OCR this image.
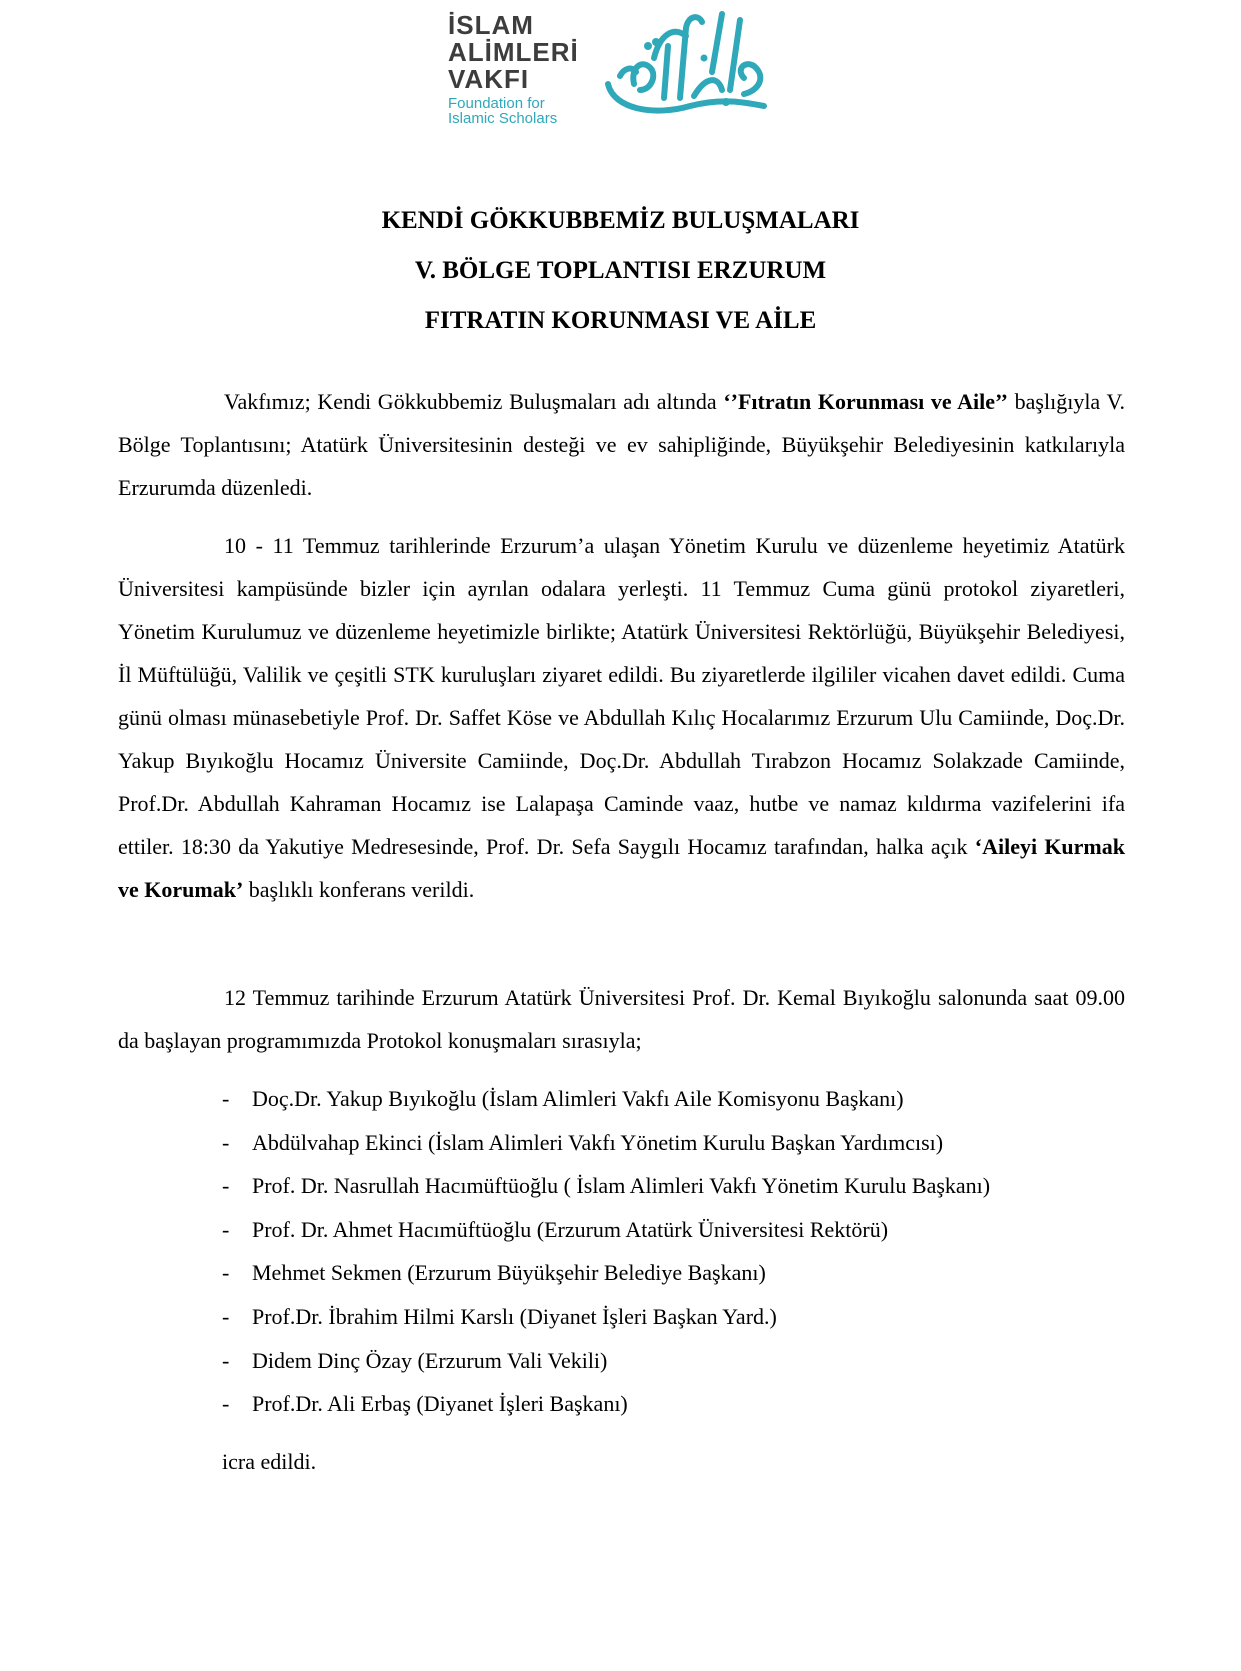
İSLAM
ALİMLERİ
VAKFI
Foundation for
Islamic Scholars
KENDİ GÖKKUBBEMİZ BULUŞMALARI
V. BÖLGE TOPLANTISI ERZURUM
FITRATIN KORUNMASI VE AİLE

Vakfımız; Kendi Gökkubbemiz Buluşmaları adı altında ‘’Fıtratın Korunması ve Aile’’ başlığıyla V. Bölge Toplantısını; Atatürk Üniversitesinin desteği ve ev sahipliğinde, Büyükşehir Belediyesinin katkılarıyla Erzurumda düzenledi.

10 - 11 Temmuz tarihlerinde Erzurum’a ulaşan Yönetim Kurulu ve düzenleme heyetimiz Atatürk Üniversitesi kampüsünde bizler için ayrılan odalara yerleşti. 11 Temmuz Cuma günü protokol ziyaretleri, Yönetim Kurulumuz ve düzenleme heyetimizle birlikte; Atatürk Üniversitesi Rektörlüğü, Büyükşehir Belediyesi, İl Müftülüğü, Valilik ve çeşitli STK kuruluşları ziyaret edildi. Bu ziyaretlerde ilgililer vicahen davet edildi. Cuma günü olması münasebetiyle Prof. Dr. Saffet Köse ve Abdullah Kılıç Hocalarımız Erzurum Ulu Camiinde, Doç.Dr. Yakup Bıyıkoğlu Hocamız Üniversite Camiinde, Doç.Dr. Abdullah Tırabzon Hocamız Solakzade Camiinde, Prof.Dr. Abdullah Kahraman Hocamız ise Lalapaşa Caminde vaaz, hutbe ve namaz kıldırma vazifelerini ifa ettiler. 18:30 da Yakutiye Medresesinde, Prof. Dr. Sefa Saygılı Hocamız tarafından, halka açık ‘Aileyi Kurmak ve Korumak’ başlıklı konferans verildi.

12 Temmuz tarihinde Erzurum Atatürk Üniversitesi Prof. Dr. Kemal Bıyıkoğlu salonunda saat 09.00 da başlayan programımızda Protokol konuşmaları sırasıyla;

-	Doç.Dr. Yakup Bıyıkoğlu (İslam Alimleri Vakfı Aile Komisyonu Başkanı)
-	Abdülvahap Ekinci (İslam Alimleri Vakfı Yönetim Kurulu Başkan Yardımcısı)
-	Prof. Dr. Nasrullah Hacımüftüoğlu ( İslam Alimleri Vakfı Yönetim Kurulu Başkanı)
-	Prof. Dr. Ahmet Hacımüftüoğlu (Erzurum Atatürk Üniversitesi Rektörü)
-	Mehmet Sekmen (Erzurum Büyükşehir Belediye Başkanı)
-	Prof.Dr. İbrahim Hilmi Karslı (Diyanet İşleri Başkan Yard.)
-	Didem Dinç Özay (Erzurum Vali Vekili)
-	Prof.Dr. Ali Erbaş (Diyanet İşleri Başkanı)
icra edildi.
